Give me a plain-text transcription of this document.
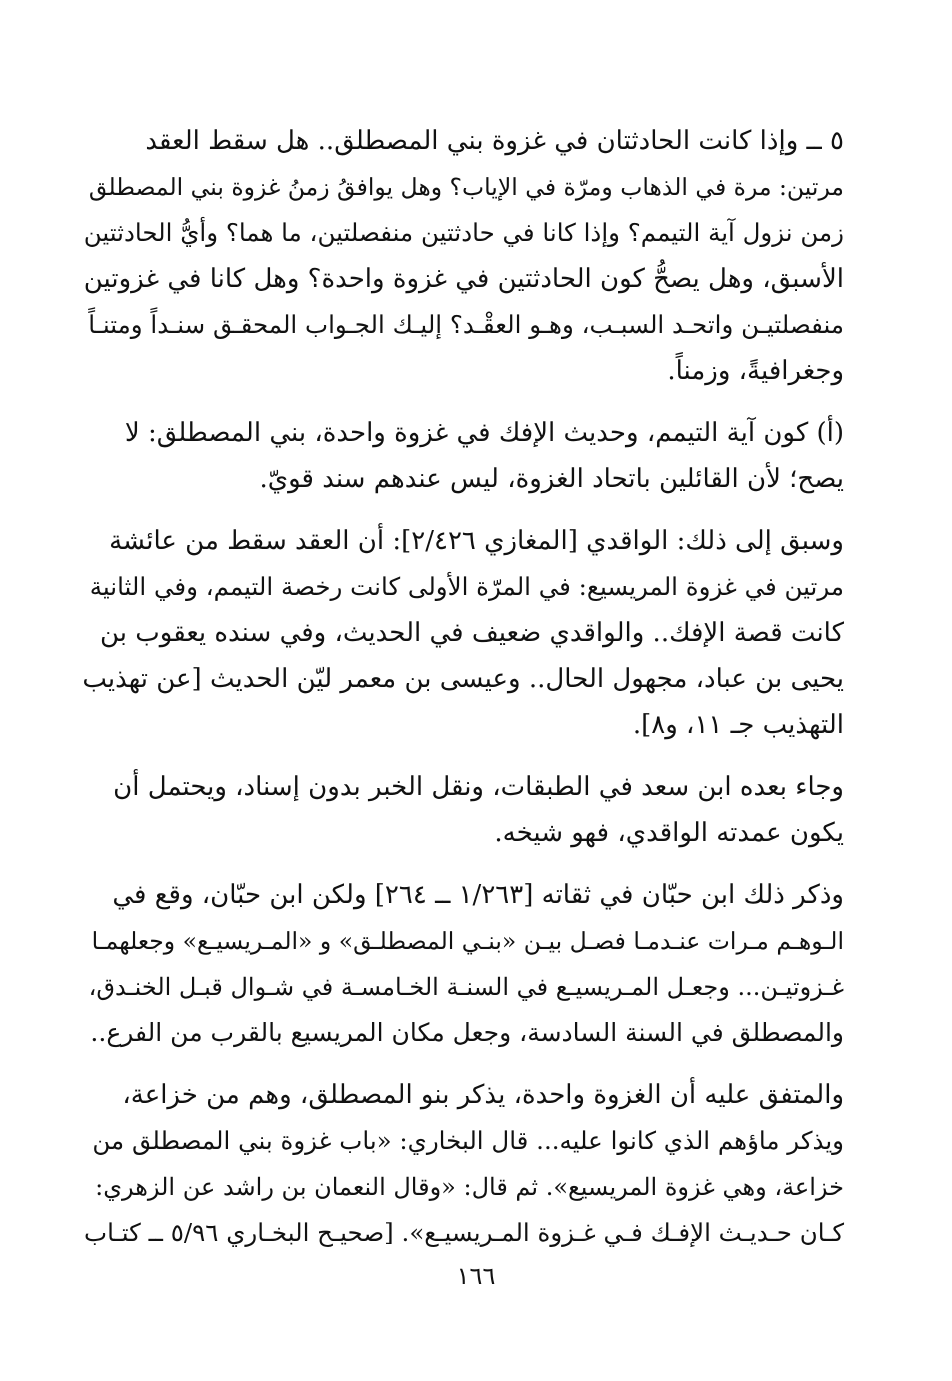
٥ ــ وإذا كانت الحادثتان في غزوة بني المصطلق.. هل سقط العقد
مرتين: مرة في الذهاب ومرّة في الإياب؟ وهل يوافقُ زمنُ غزوة بني المصطلق
زمن نزول آية التيمم؟ وإذا كانا في حادثتين منفصلتين، ما هما؟ وأيُّ الحادثتين
الأسبق، وهل يصحُّ كون الحادثتين في غزوة واحدة؟ وهل كانا في غزوتين
منفصلتيـن واتحـد السبـب، وهـو العقْـد؟ إليـك الجـواب المحقـق سنـداً ومتنـاً
وجغرافيةً، وزمناً.

(أ) كون آية التيمم، وحديث الإفك في غزوة واحدة، بني المصطلق: لا
يصح؛ لأن القائلين باتحاد الغزوة، ليس عندهم سند قويّ.

وسبق إلى ذلك: الواقدي [المغازي ٢/٤٢٦]: أن العقد سقط من عائشة
مرتين في غزوة المريسيع: في المرّة الأولى كانت رخصة التيمم، وفي الثانية
كانت قصة الإفك.. والواقدي ضعيف في الحديث، وفي سنده يعقوب بن
يحيى بن عباد، مجهول الحال.. وعيسى بن معمر ليّن الحديث [عن تهذيب
التهذيب جـ ١١، و٨].

وجاء بعده ابن سعد في الطبقات، ونقل الخبر بدون إسناد، ويحتمل أن
يكون عمدته الواقدي، فهو شيخه.

وذكر ذلك ابن حبّان في ثقاته [١/٢٦٣ ــ ٢٦٤] ولكن ابن حبّان، وقع في
الـوهـم مـرات عنـدمـا فصـل بيـن «بنـي المصطلـق» و «المـريسيـع» وجعلهمـا
غـزوتيـن... وجعـل المـريسيـع في السنـة الخـامسـة في شـوال قبـل الخنـدق،
والمصطلق في السنة السادسة، وجعل مكان المريسيع بالقرب من الفرع..

والمتفق عليه أن الغزوة واحدة، يذكر بنو المصطلق، وهم من خزاعة،
ويذكر ماؤهم الذي كانوا عليه... قال البخاري: «باب غزوة بني المصطلق من
خزاعة، وهي غزوة المريسيع». ثم قال: «وقال النعمان بن راشد عن الزهري:
كـان حـديـث الإفـك فـي غـزوة المـريسيـع». [صحيـح البخـاري ٥/٩٦ ــ كتـاب

١٦٦
